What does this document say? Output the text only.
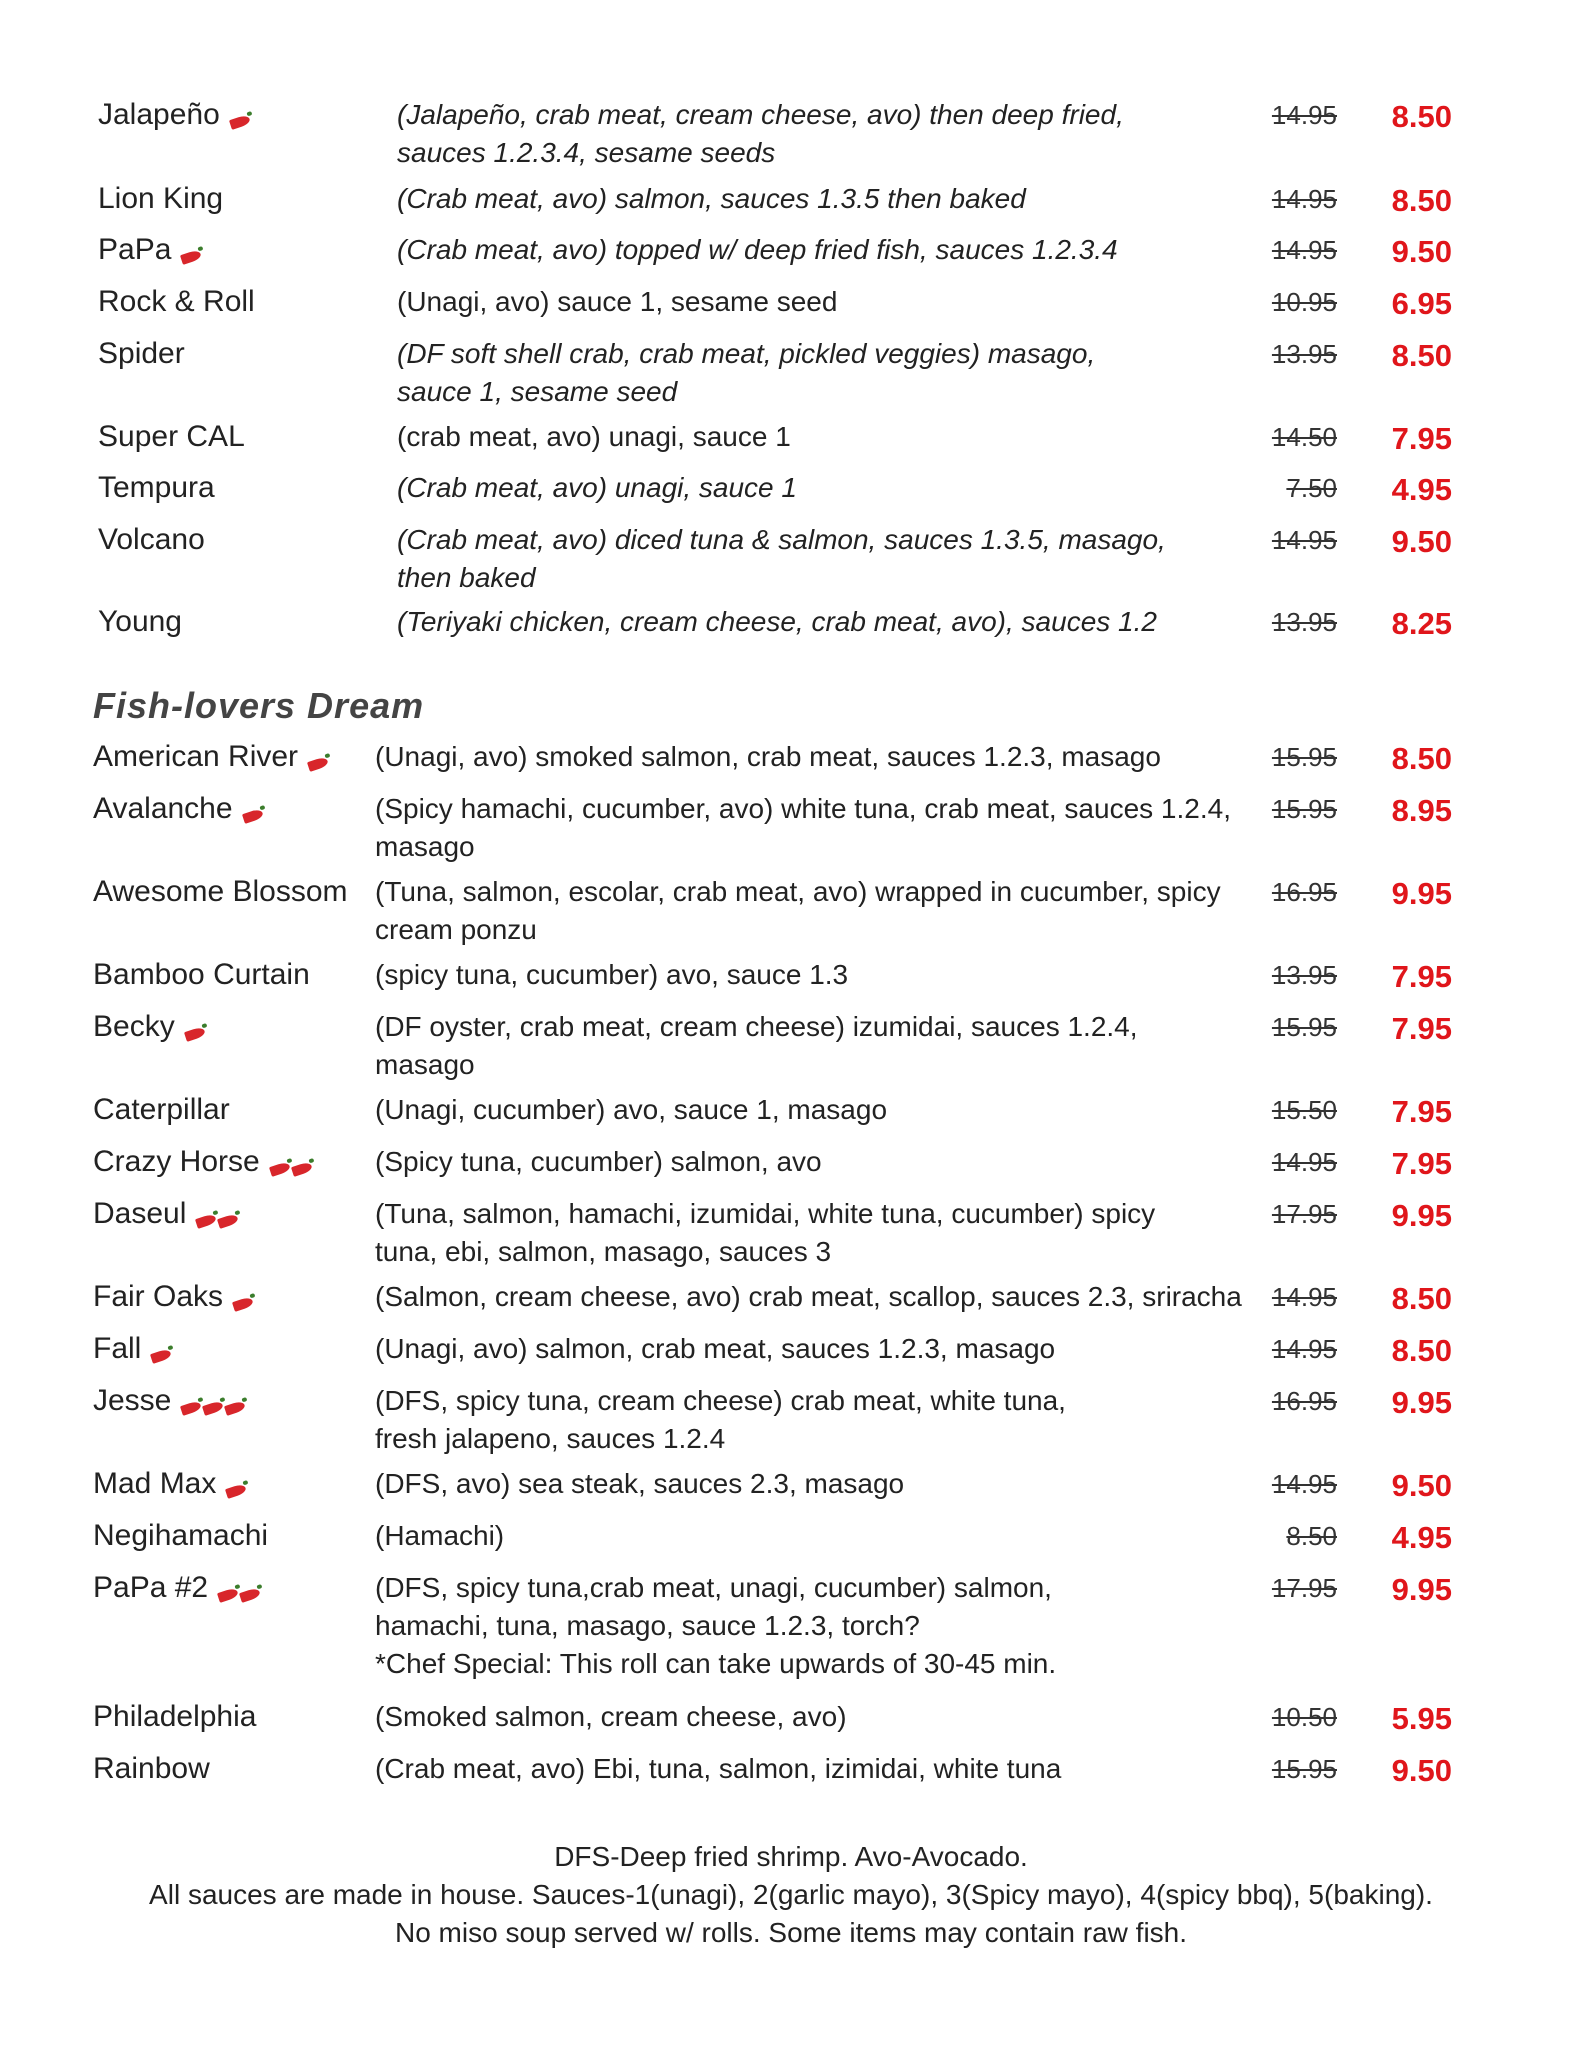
Jalapeño	(Jalapeño, crab meat, cream cheese, avo) then deep fried,
sauces 1.2.3.4, sesame seeds
14.95	8.50
Lion King	(Crab meat, avo) salmon, sauces 1.3.5 then baked	14.95	8.50
PaPa	(Crab meat, avo) topped w/ deep fried fish, sauces 1.2.3.4	14.95	9.50
Rock & Roll	(Unagi, avo) sauce 1, sesame seed	10.95	6.95
Spider	(DF soft shell crab, crab meat, pickled veggies) masago,
sauce 1, sesame seed
13.95	8.50
Super CAL	(crab meat, avo) unagi, sauce 1	14.50	7.95
Tempura	(Crab meat, avo) unagi, sauce 1	7.50	4.95
Volcano	(Crab meat, avo) diced tuna & salmon, sauces 1.3.5, masago,
then baked
14.95	9.50
Young	(Teriyaki chicken, cream cheese, crab meat, avo), sauces 1.2	13.95	8.25
Fish-lovers Dream
American River	(Unagi, avo) smoked salmon, crab meat, sauces 1.2.3, masago	15.95	8.50
Avalanche	(Spicy hamachi, cucumber, avo) white tuna, crab meat, sauces 1.2.4,
masago
15.95	8.95
Awesome Blossom (Tuna, salmon, escolar, crab meat, avo) wrapped in cucumber, spicy
cream ponzu
16.95	9.95
Bamboo Curtain (spicy tuna, cucumber) avo, sauce 1.3	13.95	7.95
Becky	(DF oyster, crab meat, cream cheese) izumidai, sauces 1.2.4,
masago
15.95	7.95
Caterpillar	(Unagi, cucumber) avo, sauce 1, masago	15.50	7.95
Crazy Horse	(Spicy tuna, cucumber) salmon, avo	14.95	7.95
Daseul	(Tuna, salmon, hamachi, izumidai, white tuna, cucumber) spicy
tuna, ebi, salmon, masago, sauces 3
17.95	9.95
Fair Oaks	(Salmon, cream cheese, avo) crab meat, scallop, sauces 2.3, sriracha	14.95	8.50
Fall	(Unagi, avo) salmon, crab meat, sauces 1.2.3, masago	14.95	8.50
Jesse	(DFS, spicy tuna, cream cheese) crab meat, white tuna,
fresh jalapeno, sauces 1.2.4
16.95	9.95
Mad Max	(DFS, avo) sea steak, sauces 2.3, masago	14.95	9.50
Negihamachi	(Hamachi)	8.50	4.95
PaPa #2	(DFS, spicy tuna,crab meat, unagi, cucumber) salmon,
hamachi, tuna, masago, sauce 1.2.3, torch?
*Chef Special: This roll can take upwards of 30-45 min.
17.95	9.95
Philadelphia	(Smoked salmon, cream cheese, avo)	10.50	5.95
Rainbow	(Crab meat, avo) Ebi, tuna, salmon, izimidai, white tuna	15.95	9.50

DFS-Deep fried shrimp. Avo-Avocado.

All sauces are made in house. Sauces-1(unagi), 2(garlic mayo), 3(Spicy mayo), 4(spicy bbq), 5(baking).

No miso soup served w/ rolls. Some items may contain raw fish.
